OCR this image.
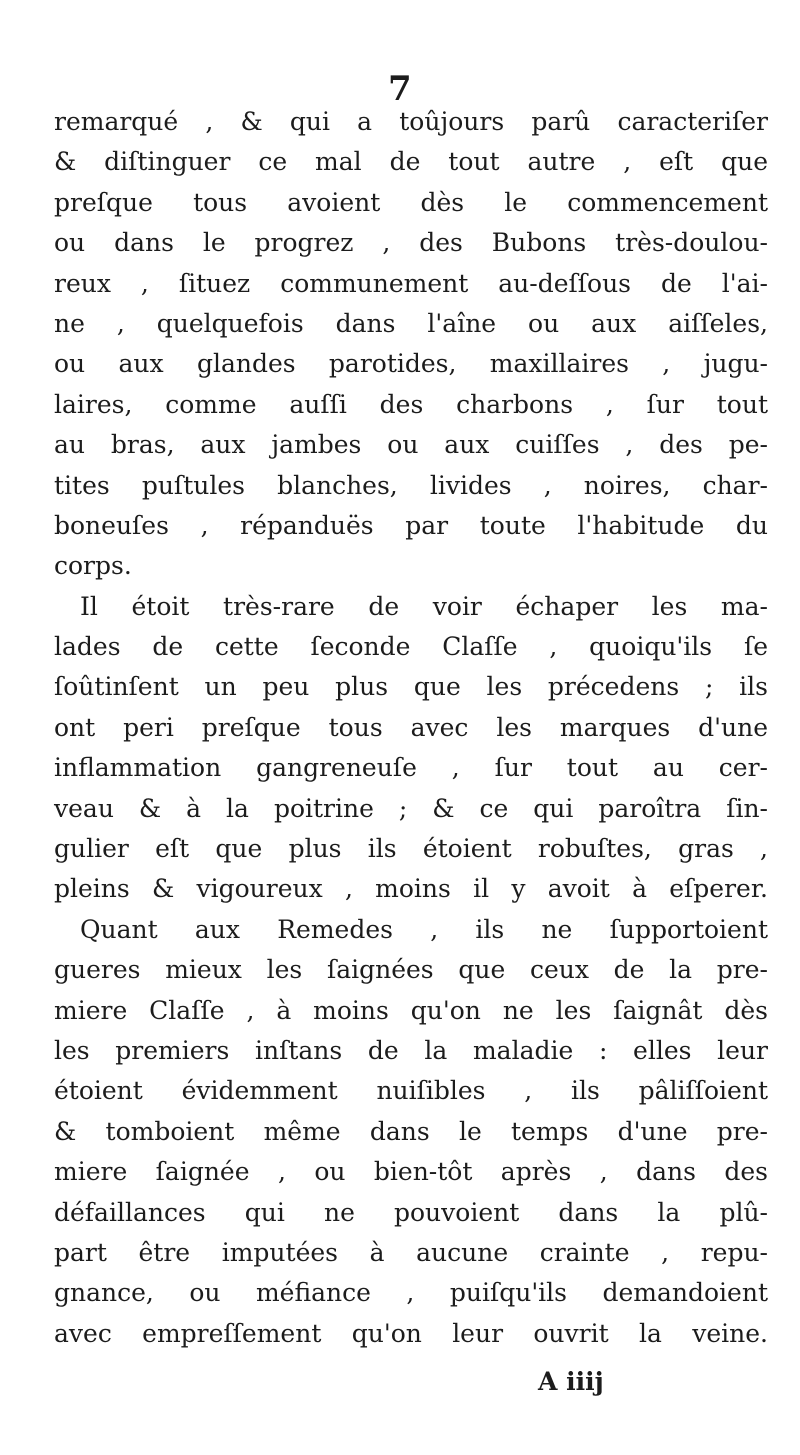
7
remarqué , & qui a toûjours parû caracteriſer
& diſtinguer ce mal de tout autre , eſt que
preſque tous avoient dès le commencement
ou dans le progrez , des Bubons très-doulou-
reux , ſituez communement au-deſſous de l'ai-
ne , quelquefois dans l'aîne ou aux aiſſeles,
ou aux glandes parotides, maxillaires , jugu-
laires, comme auſſi des charbons , ſur tout
au bras, aux jambes ou aux cuiſſes , des pe-
tites puſtules blanches, livides , noires, char-
boneuſes , répanduës par toute l'habitude du
corps.
Il étoit très-rare de voir échaper les ma-
lades de cette ſeconde Claſſe , quoiqu'ils ſe
ſoûtinſent un peu plus que les précedens ; ils
ont peri preſque tous avec les marques d'une
inflammation gangreneuſe , ſur tout au cer-
veau & à la poitrine ; & ce qui paroîtra ſin-
gulier eſt que plus ils étoient robuſtes, gras ,
pleins & vigoureux , moins il y avoit à eſperer.
Quant aux Remedes , ils ne ſupportoient
gueres mieux les ſaignées que ceux de la pre-
miere Claſſe , à moins qu'on ne les ſaignât dès
les premiers inſtans de la maladie : elles leur
étoient évidemment nuiſibles , ils pâliſſoient
& tomboient même dans le temps d'une pre-
miere ſaignée , ou bien-tôt après , dans des
défaillances qui ne pouvoient dans la plû-
part être imputées à aucune crainte , repu-
gnance, ou méfiance , puiſqu'ils demandoient
avec empreſſement qu'on leur ouvrit la veine.
A iiij
